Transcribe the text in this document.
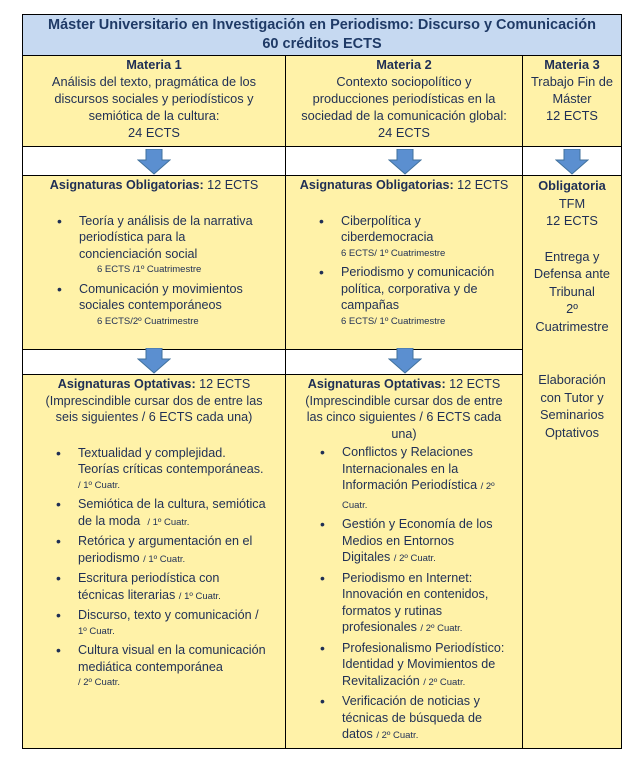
Máster Universitario en Investigación en Periodismo: Discurso y Comunicación
60 créditos ECTS
Materia 1
Análisis del texto, pragmática de los
discursos sociales y periodísticos y
semiótica de la cultura:
24 ECTS
Materia 2
Contexto sociopolítico y
producciones periodísticas en la
sociedad de la comunicación global:
24 ECTS
Materia 3
Trabajo Fin de
Máster
12 ECTS
Asignaturas Obligatorias: 12 ECTS
• Teoría y análisis de la narrativa
periodística para la
concienciación social
6 ECTS /1º Cuatrimestre
• Comunicación y movimientos
sociales contemporáneos
6 ECTS/2º Cuatrimestre
Asignaturas Obligatorias: 12 ECTS
• Ciberpolítica y
ciberdemocracia
6 ECTS/ 1º Cuatrimestre
• Periodismo y comunicación
política, corporativa y de
campañas
6 ECTS/ 1º Cuatrimestre
Obligatoria
TFM
12 ECTS
Entrega y
Defensa ante
Tribunal
2º
Cuatrimestre
Elaboración
con Tutor y
Seminarios
Optativos
Asignaturas Optativas: 12 ECTS
(Imprescindible cursar dos de entre las
seis siguientes / 6 ECTS cada una)
• Textualidad y complejidad.
Teorías críticas contemporáneas.
/ 1º Cuatr.
• Semiótica de la cultura, semiótica
de la moda / 1º Cuatr.
• Retórica y argumentación en el
periodismo / 1º Cuatr.
• Escritura periodística con
técnicas literarias / 1º Cuatr.
• Discurso, texto y comunicación /
1º Cuatr.
• Cultura visual en la comunicación
mediática contemporánea
/ 2º Cuatr.
Asignaturas Optativas: 12 ECTS
(Imprescindible cursar dos de entre
las cinco siguientes / 6 ECTS cada
una)
• Conflictos y Relaciones
Internacionales en la
Información Periodística / 2º Cuatr.
• Gestión y Economía de los
Medios en Entornos
Digitales / 2º Cuatr.
• Periodismo en Internet:
Innovación en contenidos,
formatos y rutinas
profesionales / 2º Cuatr.
• Profesionalismo Periodístico:
Identidad y Movimientos de
Revitalización / 2º Cuatr.
• Verificación de noticias y
técnicas de búsqueda de
datos / 2º Cuatr.
